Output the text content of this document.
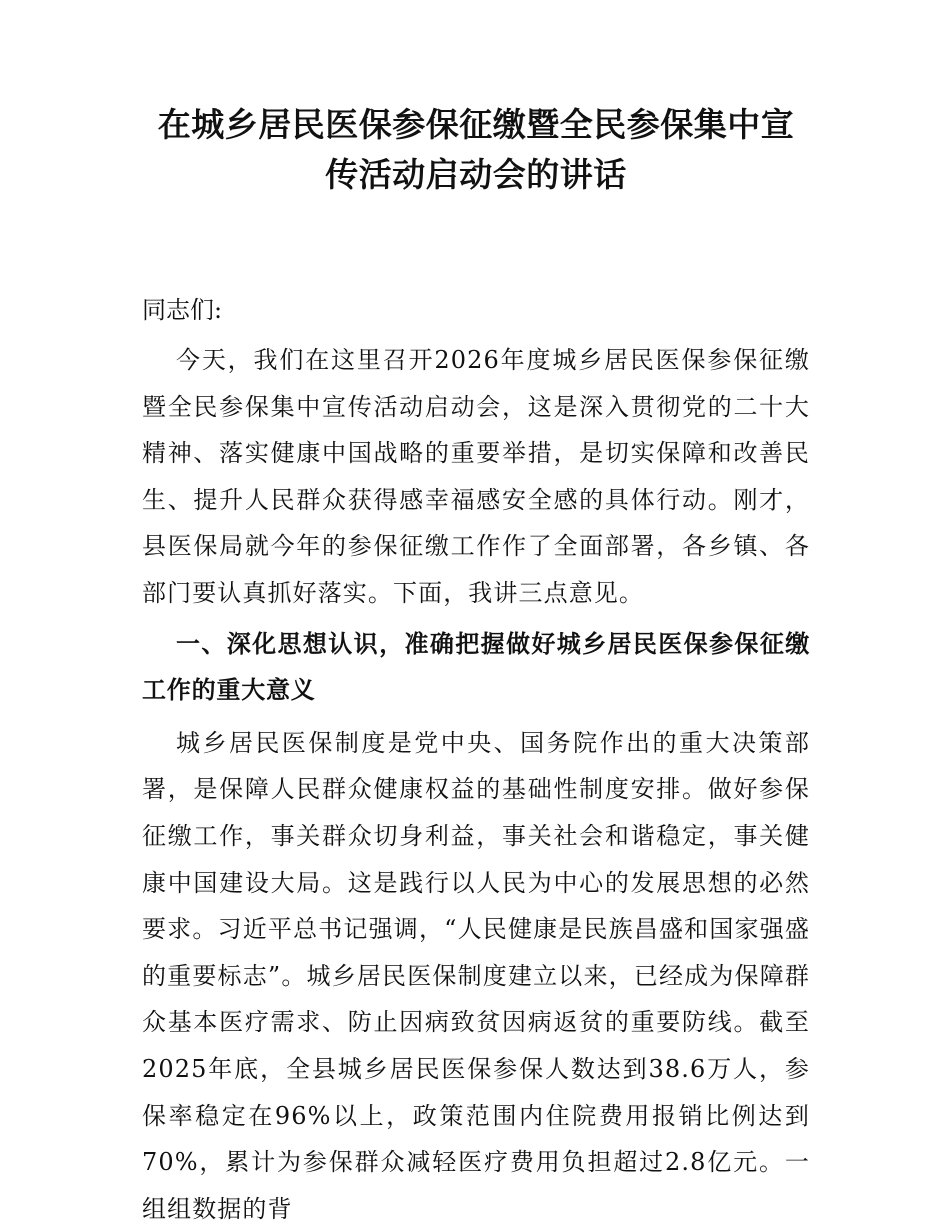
在城乡居民医保参保征缴暨全民参保集中宣传活动启动会的讲话

同志们:

今天，我们在这里召开2026年度城乡居民医保参保征缴暨全民参保集中宣传活动启动会，这是深入贯彻党的二十大精神、落实健康中国战略的重要举措，是切实保障和改善民生、提升人民群众获得感幸福感安全感的具体行动。刚才，县医保局就今年的参保征缴工作作了全面部署，各乡镇、各部门要认真抓好落实。下面，我讲三点意见。

一、深化思想认识，准确把握做好城乡居民医保参保征缴工作的重大意义

城乡居民医保制度是党中央、国务院作出的重大决策部署，是保障人民群众健康权益的基础性制度安排。做好参保征缴工作，事关群众切身利益，事关社会和谐稳定，事关健康中国建设大局。这是践行以人民为中心的发展思想的必然要求。习近平总书记强调，“人民健康是民族昌盛和国家强盛的重要标志”。城乡居民医保制度建立以来，已经成为保障群众基本医疗需求、防止因病致贫因病返贫的重要防线。截至2025年底，全县城乡居民医保参保人数达到38.6万人，参保率稳定在96%以上，政策范围内住院费用报销比例达到70%，累计为参保群众减轻医疗费用负担超过2.8亿元。一组组数据的背
